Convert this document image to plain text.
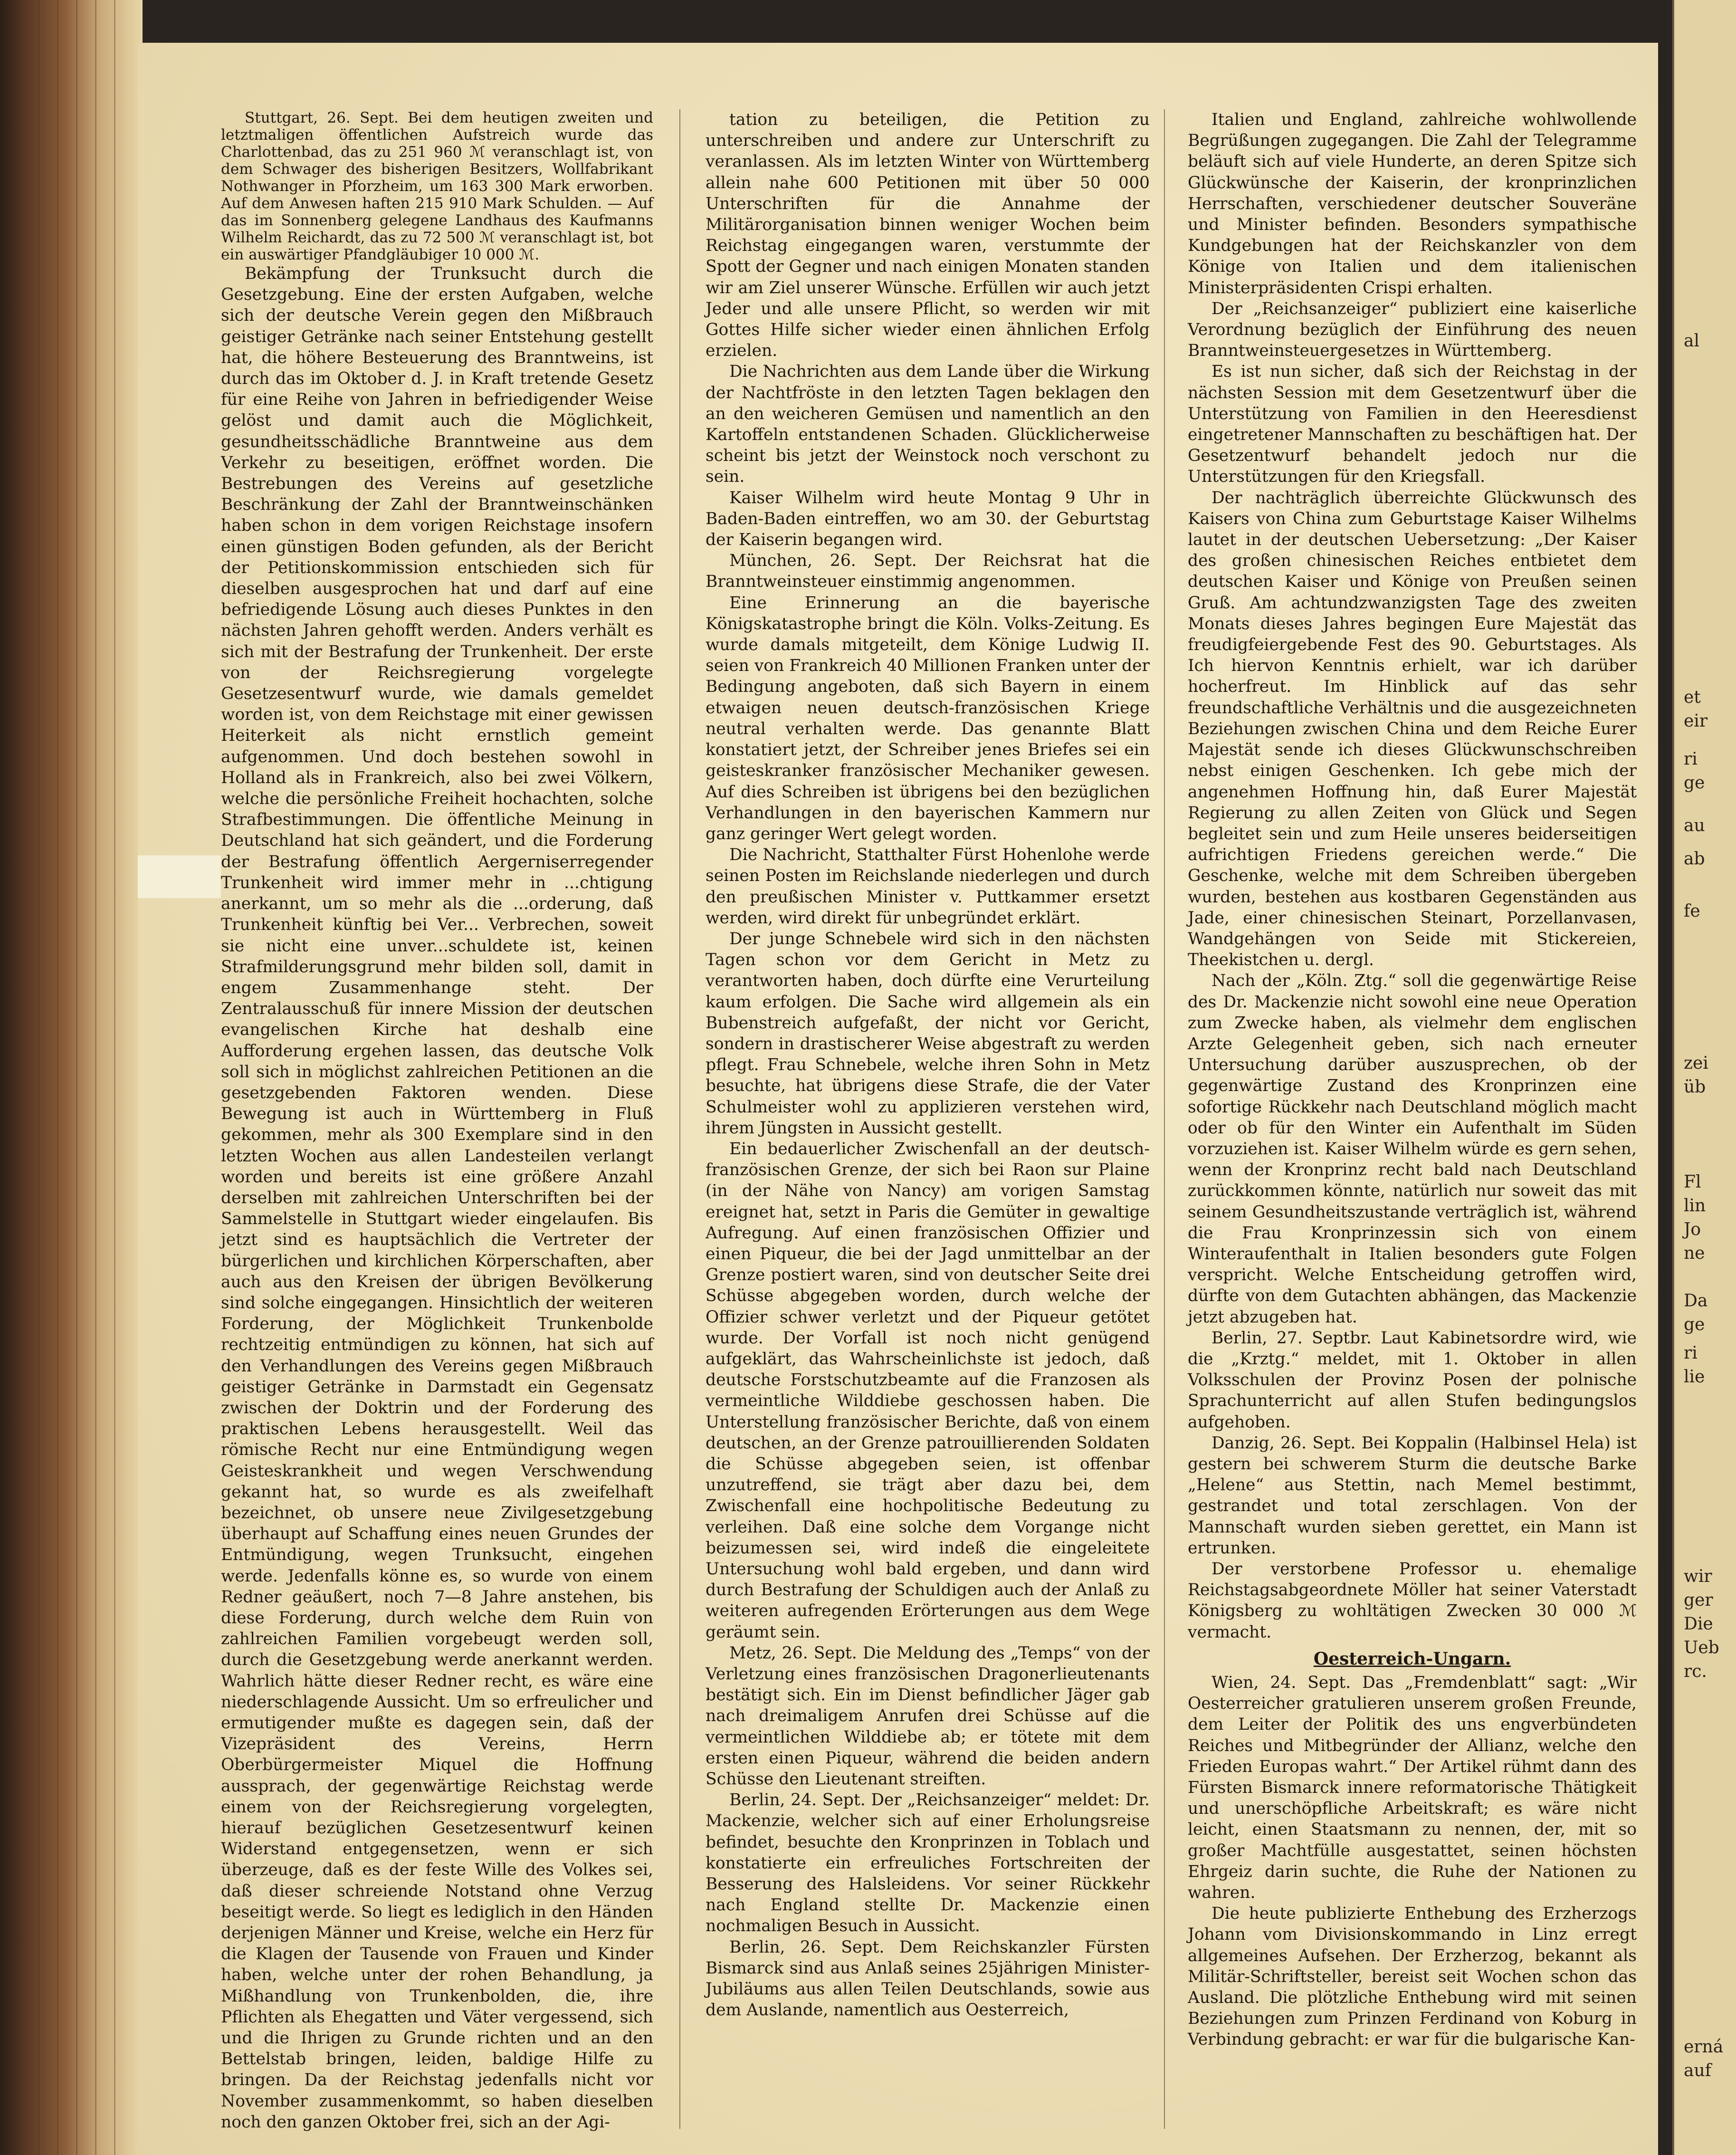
Stuttgart, 26. Sept. Bei dem heutigen zweiten und letztmaligen öffentlichen Aufstreich wurde das Charlottenbad, das zu 251 960 ℳ veranschlagt ist, von dem Schwager des bisherigen Besitzers, Wollfabrikant Nothwanger in Pforzheim, um 163 300 Mark erworben. Auf dem Anwesen haften 215 910 Mark Schulden. — Auf das im Sonnenberg gelegene Landhaus des Kaufmanns Wilhelm Reichardt, das zu 72 500 ℳ veranschlagt ist, bot ein auswärtiger Pfandgläubiger 10 000 ℳ.

Bekämpfung der Trunksucht durch die Gesetzgebung. Eine der ersten Aufgaben, welche sich der deutsche Verein gegen den Mißbrauch geistiger Getränke nach seiner Entstehung gestellt hat, die höhere Besteuerung des Branntweins, ist durch das im Oktober d. J. in Kraft tretende Gesetz für eine Reihe von Jahren in befriedigender Weise gelöst und damit auch die Möglichkeit, gesundheitsschädliche Branntweine aus dem Verkehr zu beseitigen, eröffnet worden. Die Bestrebungen des Vereins auf gesetzliche Beschränkung der Zahl der Branntweinschänken haben schon in dem vorigen Reichstage insofern einen günstigen Boden gefunden, als der Bericht der Petitionskommission entschieden sich für dieselben ausgesprochen hat und darf auf eine befriedigende Lösung auch dieses Punktes in den nächsten Jahren gehofft werden. Anders verhält es sich mit der Bestrafung der Trunkenheit. Der erste von der Reichsregierung vorgelegte Gesetzesentwurf wurde, wie damals gemeldet worden ist, von dem Reichstage mit einer gewissen Heiterkeit als nicht ernstlich gemeint aufgenommen. Und doch bestehen sowohl in Holland als in Frankreich, also bei zwei Völkern, welche die persönliche Freiheit hochachten, solche Strafbestimmungen. Die öffentliche Meinung in Deutschland hat sich geändert, und die Forderung der Bestrafung öffentlich Aergerniserregender Trunkenheit wird immer mehr in ...chtigung anerkannt, um so mehr als die ...orderung, daß Trunkenheit künftig bei Ver... Verbrechen, soweit sie nicht eine unver...schuldete ist, keinen Strafmilderungsgrund mehr bilden soll, damit in engem Zusammenhange steht. Der Zentralausschuß für innere Mission der deutschen evangelischen Kirche hat deshalb eine Aufforderung ergehen lassen, das deutsche Volk soll sich in möglichst zahlreichen Petitionen an die gesetzgebenden Faktoren wenden. Diese Bewegung ist auch in Württemberg in Fluß gekommen, mehr als 300 Exemplare sind in den letzten Wochen aus allen Landesteilen verlangt worden und bereits ist eine größere Anzahl derselben mit zahlreichen Unterschriften bei der Sammelstelle in Stuttgart wieder eingelaufen. Bis jetzt sind es hauptsächlich die Vertreter der bürgerlichen und kirchlichen Körperschaften, aber auch aus den Kreisen der übrigen Bevölkerung sind solche eingegangen. Hinsichtlich der weiteren Forderung, der Möglichkeit Trunkenbolde rechtzeitig entmündigen zu können, hat sich auf den Verhandlungen des Vereins gegen Mißbrauch geistiger Getränke in Darmstadt ein Gegensatz zwischen der Doktrin und der Forderung des praktischen Lebens herausgestellt. Weil das römische Recht nur eine Entmündigung wegen Geisteskrankheit und wegen Verschwendung gekannt hat, so wurde es als zweifelhaft bezeichnet, ob unsere neue Zivilgesetzgebung überhaupt auf Schaffung eines neuen Grundes der Entmündigung, wegen Trunksucht, eingehen werde. Jedenfalls könne es, so wurde von einem Redner geäußert, noch 7—8 Jahre anstehen, bis diese Forderung, durch welche dem Ruin von zahlreichen Familien vorgebeugt werden soll, durch die Gesetzgebung werde anerkannt werden. Wahrlich hätte dieser Redner recht, es wäre eine niederschlagende Aussicht. Um so erfreulicher und ermutigender mußte es dagegen sein, daß der Vizepräsident des Vereins, Herrn Oberbürgermeister Miquel die Hoffnung aussprach, der gegenwärtige Reichstag werde einem von der Reichsregierung vorgelegten, hierauf bezüglichen Gesetzesentwurf keinen Widerstand entgegensetzen, wenn er sich überzeuge, daß es der feste Wille des Volkes sei, daß dieser schreiende Notstand ohne Verzug beseitigt werde. So liegt es lediglich in den Händen derjenigen Männer und Kreise, welche ein Herz für die Klagen der Tausende von Frauen und Kinder haben, welche unter der rohen Behandlung, ja Mißhandlung von Trunkenbolden, die, ihre Pflichten als Ehegatten und Väter vergessend, sich und die Ihrigen zu Grunde richten und an den Bettelstab bringen, leiden, baldige Hilfe zu bringen. Da der Reichstag jedenfalls nicht vor November zusammenkommt, so haben dieselben noch den ganzen Oktober frei, sich an der Agi-

tation zu beteiligen, die Petition zu unterschreiben und andere zur Unterschrift zu veranlassen. Als im letzten Winter von Württemberg allein nahe 600 Petitionen mit über 50 000 Unterschriften für die Annahme der Militärorganisation binnen weniger Wochen beim Reichstag eingegangen waren, verstummte der Spott der Gegner und nach einigen Monaten standen wir am Ziel unserer Wünsche. Erfüllen wir auch jetzt Jeder und alle unsere Pflicht, so werden wir mit Gottes Hilfe sicher wieder einen ähnlichen Erfolg erzielen.

Die Nachrichten aus dem Lande über die Wirkung der Nachtfröste in den letzten Tagen beklagen den an den weicheren Gemüsen und namentlich an den Kartoffeln entstandenen Schaden. Glücklicherweise scheint bis jetzt der Weinstock noch verschont zu sein.

Kaiser Wilhelm wird heute Montag 9 Uhr in Baden-Baden eintreffen, wo am 30. der Geburtstag der Kaiserin begangen wird.

München, 26. Sept. Der Reichsrat hat die Branntweinsteuer einstimmig angenommen.

Eine Erinnerung an die bayerische Königskatastrophe bringt die Köln. Volks-Zeitung. Es wurde damals mitgeteilt, dem Könige Ludwig II. seien von Frankreich 40 Millionen Franken unter der Bedingung angeboten, daß sich Bayern in einem etwaigen neuen deutsch-französischen Kriege neutral verhalten werde. Das genannte Blatt konstatiert jetzt, der Schreiber jenes Briefes sei ein geisteskranker französischer Mechaniker gewesen. Auf dies Schreiben ist übrigens bei den bezüglichen Verhandlungen in den bayerischen Kammern nur ganz geringer Wert gelegt worden.

Die Nachricht, Statthalter Fürst Hohenlohe werde seinen Posten im Reichslande niederlegen und durch den preußischen Minister v. Puttkammer ersetzt werden, wird direkt für unbegründet erklärt.

Der junge Schnebele wird sich in den nächsten Tagen schon vor dem Gericht in Metz zu verantworten haben, doch dürfte eine Verurteilung kaum erfolgen. Die Sache wird allgemein als ein Bubenstreich aufgefaßt, der nicht vor Gericht, sondern in drastischerer Weise abgestraft zu werden pflegt. Frau Schnebele, welche ihren Sohn in Metz besuchte, hat übrigens diese Strafe, die der Vater Schulmeister wohl zu applizieren verstehen wird, ihrem Jüngsten in Aussicht gestellt.

Ein bedauerlicher Zwischenfall an der deutsch-französischen Grenze, der sich bei Raon sur Plaine (in der Nähe von Nancy) am vorigen Samstag ereignet hat, setzt in Paris die Gemüter in gewaltige Aufregung. Auf einen französischen Offizier und einen Piqueur, die bei der Jagd unmittelbar an der Grenze postiert waren, sind von deutscher Seite drei Schüsse abgegeben worden, durch welche der Offizier schwer verletzt und der Piqueur getötet wurde. Der Vorfall ist noch nicht genügend aufgeklärt, das Wahrscheinlichste ist jedoch, daß deutsche Forstschutzbeamte auf die Franzosen als vermeintliche Wilddiebe geschossen haben. Die Unterstellung französischer Berichte, daß von einem deutschen, an der Grenze patrouillierenden Soldaten die Schüsse abgegeben seien, ist offenbar unzutreffend, sie trägt aber dazu bei, dem Zwischenfall eine hochpolitische Bedeutung zu verleihen. Daß eine solche dem Vorgange nicht beizumessen sei, wird indeß die eingeleitete Untersuchung wohl bald ergeben, und dann wird durch Bestrafung der Schuldigen auch der Anlaß zu weiteren aufregenden Erörterungen aus dem Wege geräumt sein.

Metz, 26. Sept. Die Meldung des „Temps“ von der Verletzung eines französischen Dragonerlieutenants bestätigt sich. Ein im Dienst befindlicher Jäger gab nach dreimaligem Anrufen drei Schüsse auf die vermeintlichen Wilddiebe ab; er tötete mit dem ersten einen Piqueur, während die beiden andern Schüsse den Lieutenant streiften.

Berlin, 24. Sept. Der „Reichsanzeiger“ meldet: Dr. Mackenzie, welcher sich auf einer Erholungsreise befindet, besuchte den Kronprinzen in Toblach und konstatierte ein erfreuliches Fortschreiten der Besserung des Halsleidens. Vor seiner Rückkehr nach England stellte Dr. Mackenzie einen nochmaligen Besuch in Aussicht.

Berlin, 26. Sept. Dem Reichskanzler Fürsten Bismarck sind aus Anlaß seines 25jährigen Minister-Jubiläums aus allen Teilen Deutschlands, sowie aus dem Auslande, namentlich aus Oesterreich,

Italien und England, zahlreiche wohlwollende Begrüßungen zugegangen. Die Zahl der Telegramme beläuft sich auf viele Hunderte, an deren Spitze sich Glückwünsche der Kaiserin, der kronprinzlichen Herrschaften, verschiedener deutscher Souveräne und Minister befinden. Besonders sympathische Kundgebungen hat der Reichskanzler von dem Könige von Italien und dem italienischen Ministerpräsidenten Crispi erhalten.

Der „Reichsanzeiger“ publiziert eine kaiserliche Verordnung bezüglich der Einführung des neuen Branntweinsteuergesetzes in Württemberg.

Es ist nun sicher, daß sich der Reichstag in der nächsten Session mit dem Gesetzentwurf über die Unterstützung von Familien in den Heeresdienst eingetretener Mannschaften zu beschäftigen hat. Der Gesetzentwurf behandelt jedoch nur die Unterstützungen für den Kriegsfall.

Der nachträglich überreichte Glückwunsch des Kaisers von China zum Geburtstage Kaiser Wilhelms lautet in der deutschen Uebersetzung: „Der Kaiser des großen chinesischen Reiches entbietet dem deutschen Kaiser und Könige von Preußen seinen Gruß. Am achtundzwanzigsten Tage des zweiten Monats dieses Jahres begingen Eure Majestät das freudigfeiergebende Fest des 90. Geburtstages. Als Ich hiervon Kenntnis erhielt, war ich darüber hocherfreut. Im Hinblick auf das sehr freundschaftliche Verhältnis und die ausgezeichneten Beziehungen zwischen China und dem Reiche Eurer Majestät sende ich dieses Glückwunschschreiben nebst einigen Geschenken. Ich gebe mich der angenehmen Hoffnung hin, daß Eurer Majestät Regierung zu allen Zeiten von Glück und Segen begleitet sein und zum Heile unseres beiderseitigen aufrichtigen Friedens gereichen werde.“ Die Geschenke, welche mit dem Schreiben übergeben wurden, bestehen aus kostbaren Gegenständen aus Jade, einer chinesischen Steinart, Porzellanvasen, Wandgehängen von Seide mit Stickereien, Theekistchen u. dergl.

Nach der „Köln. Ztg.“ soll die gegenwärtige Reise des Dr. Mackenzie nicht sowohl eine neue Operation zum Zwecke haben, als vielmehr dem englischen Arzte Gelegenheit geben, sich nach erneuter Untersuchung darüber auszusprechen, ob der gegenwärtige Zustand des Kronprinzen eine sofortige Rückkehr nach Deutschland möglich macht oder ob für den Winter ein Aufenthalt im Süden vorzuziehen ist. Kaiser Wilhelm würde es gern sehen, wenn der Kronprinz recht bald nach Deutschland zurückkommen könnte, natürlich nur soweit das mit seinem Gesundheitszustande verträglich ist, während die Frau Kronprinzessin sich von einem Winteraufenthalt in Italien besonders gute Folgen verspricht. Welche Entscheidung getroffen wird, dürfte von dem Gutachten abhängen, das Mackenzie jetzt abzugeben hat.

Berlin, 27. Septbr. Laut Kabinetsordre wird, wie die „Krztg.“ meldet, mit 1. Oktober in allen Volksschulen der Provinz Posen der polnische Sprachunterricht auf allen Stufen bedingungslos aufgehoben.

Danzig, 26. Sept. Bei Koppalin (Halbinsel Hela) ist gestern bei schwerem Sturm die deutsche Barke „Helene“ aus Stettin, nach Memel bestimmt, gestrandet und total zerschlagen. Von der Mannschaft wurden sieben gerettet, ein Mann ist ertrunken.

Der verstorbene Professor u. ehemalige Reichstagsabgeordnete Möller hat seiner Vaterstadt Königsberg zu wohltätigen Zwecken 30 000 ℳ vermacht.

Oesterreich-Ungarn.

Wien, 24. Sept. Das „Fremdenblatt“ sagt: „Wir Oesterreicher gratulieren unserem großen Freunde, dem Leiter der Politik des uns engverbündeten Reiches und Mitbegründer der Allianz, welche den Frieden Europas wahrt.“ Der Artikel rühmt dann des Fürsten Bismarck innere reformatorische Thätigkeit und unerschöpfliche Arbeitskraft; es wäre nicht leicht, einen Staatsmann zu nennen, der, mit so großer Machtfülle ausgestattet, seinen höchsten Ehrgeiz darin suchte, die Ruhe der Nationen zu wahren.

Die heute publizierte Enthebung des Erzherzogs Johann vom Divisionskommando in Linz erregt allgemeines Aufsehen. Der Erzherzog, bekannt als Militär-Schriftsteller, bereist seit Wochen schon das Ausland. Die plötzliche Enthebung wird mit seinen Beziehungen zum Prinzen Ferdinand von Koburg in Verbindung gebracht: er war für die bulgarische Kan-

al
et
eir
ri
ge
au
ab
fe
zei
üb
Fl
lin
Jo
ne
Da
ge
ri
lie
wir
ger
Die
Ueb
rc.
erná
auf
